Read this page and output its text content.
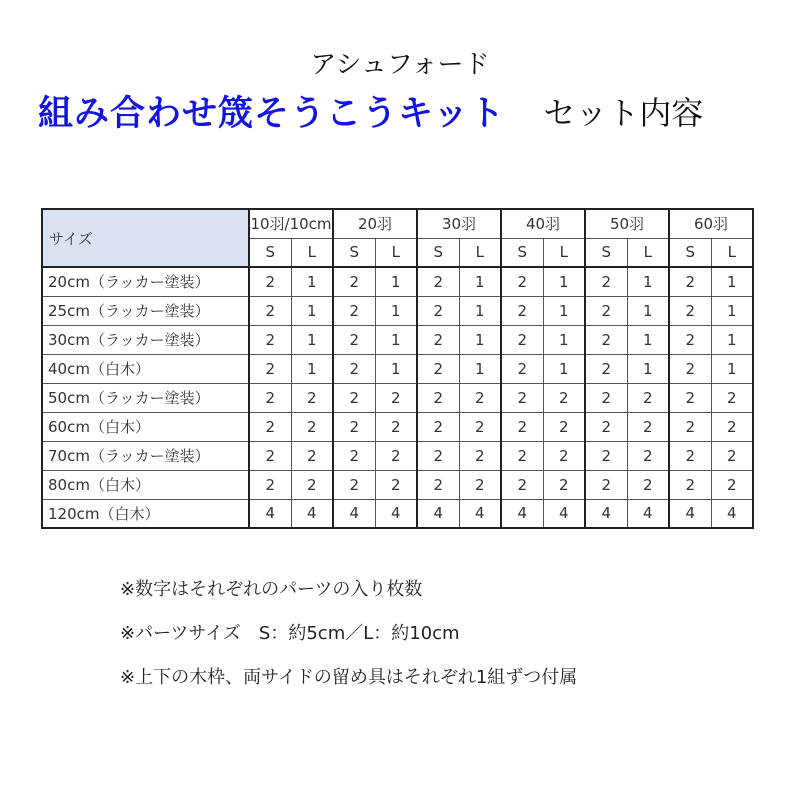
アシュフォード
組み合わせ筬そうこうキット セット内容
サイズ	10羽/10cm		20羽		30羽		40羽		50羽		60羽	
	S	L	S	L	S	L	S	L	S	L	S	L
20cm（ラッカー塗装）	2	1	2	1	2	1	2	1	2	1	2	1
25cm（ラッカー塗装）	2	1	2	1	2	1	2	1	2	1	2	1
30cm（ラッカー塗装）	2	1	2	1	2	1	2	1	2	1	2	1
40cm（白木）	2	1	2	1	2	1	2	1	2	1	2	1
50cm（ラッカー塗装）	2	2	2	2	2	2	2	2	2	2	2	2
60cm（白木）	2	2	2	2	2	2	2	2	2	2	2	2
70cm（ラッカー塗装）	2	2	2	2	2	2	2	2	2	2	2	2
80cm（白木）	2	2	2	2	2	2	2	2	2	2	2	2
120cm（白木）	4	4	4	4	4	4	4	4	4	4	4	4
※数字はそれぞれのパーツの入り枚数
※パーツサイズ　S：約5cm／L：約10cm
※上下の木枠、両サイドの留め具はそれぞれ1組ずつ付属
